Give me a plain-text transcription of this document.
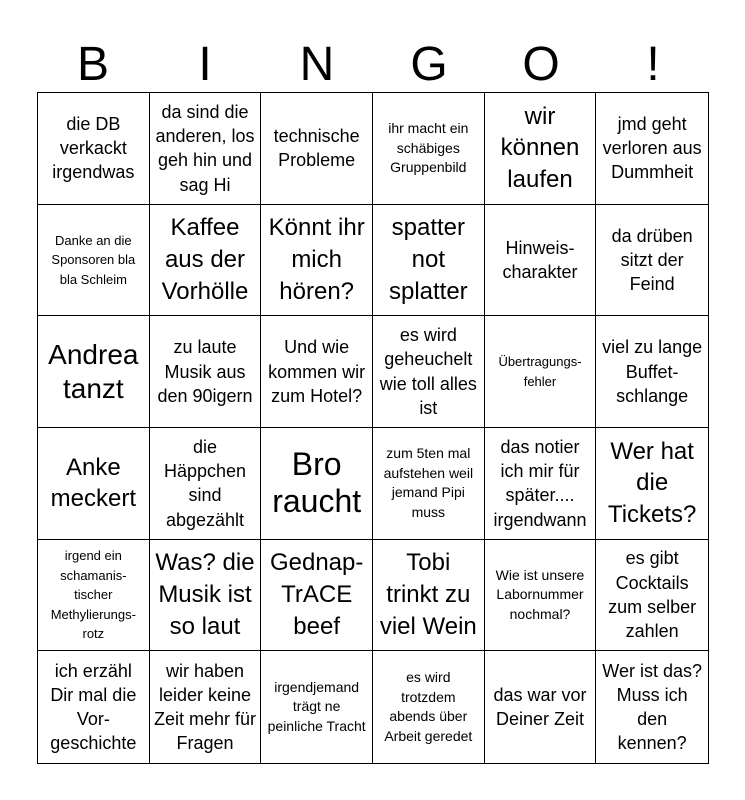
B	I	N	G	O	!
die DB verkackt irgendwas
da sind die anderen, los geh hin und sag Hi
technische Probleme
ihr macht ein schäbiges Gruppenbild
wir können laufen
jmd geht verloren aus Dummheit
Danke an die Sponsoren bla bla Schleim
Kaffee aus der Vorhölle
Könnt ihr mich hören?
spatter not splatter
Hinweis-charakter
da drüben sitzt der Feind
Andrea tanzt
zu laute Musik aus den 90igern
Und wie kommen wir zum Hotel?
es wird geheuchelt wie toll alles ist
Übertragungs-fehler
viel zu lange Buffet-schlange
Anke meckert
die Häppchen sind abgezählt
Bro raucht
zum 5ten mal aufstehen weil jemand Pipi muss
das notier ich mir für später.... irgendwann
Wer hat die Tickets?
irgend ein schamanis-tischer Methylierungs-rotz
Was? die Musik ist so laut
Gednap-TrACE beef
Tobi trinkt zu viel Wein
Wie ist unsere Labornummer nochmal?
es gibt Cocktails zum selber zahlen
ich erzähl Dir mal die Vor-geschichte
wir haben leider keine Zeit mehr für Fragen
irgendjemand trägt ne peinliche Tracht
es wird trotzdem abends über Arbeit geredet
das war vor Deiner Zeit
Wer ist das? Muss ich den kennen?
